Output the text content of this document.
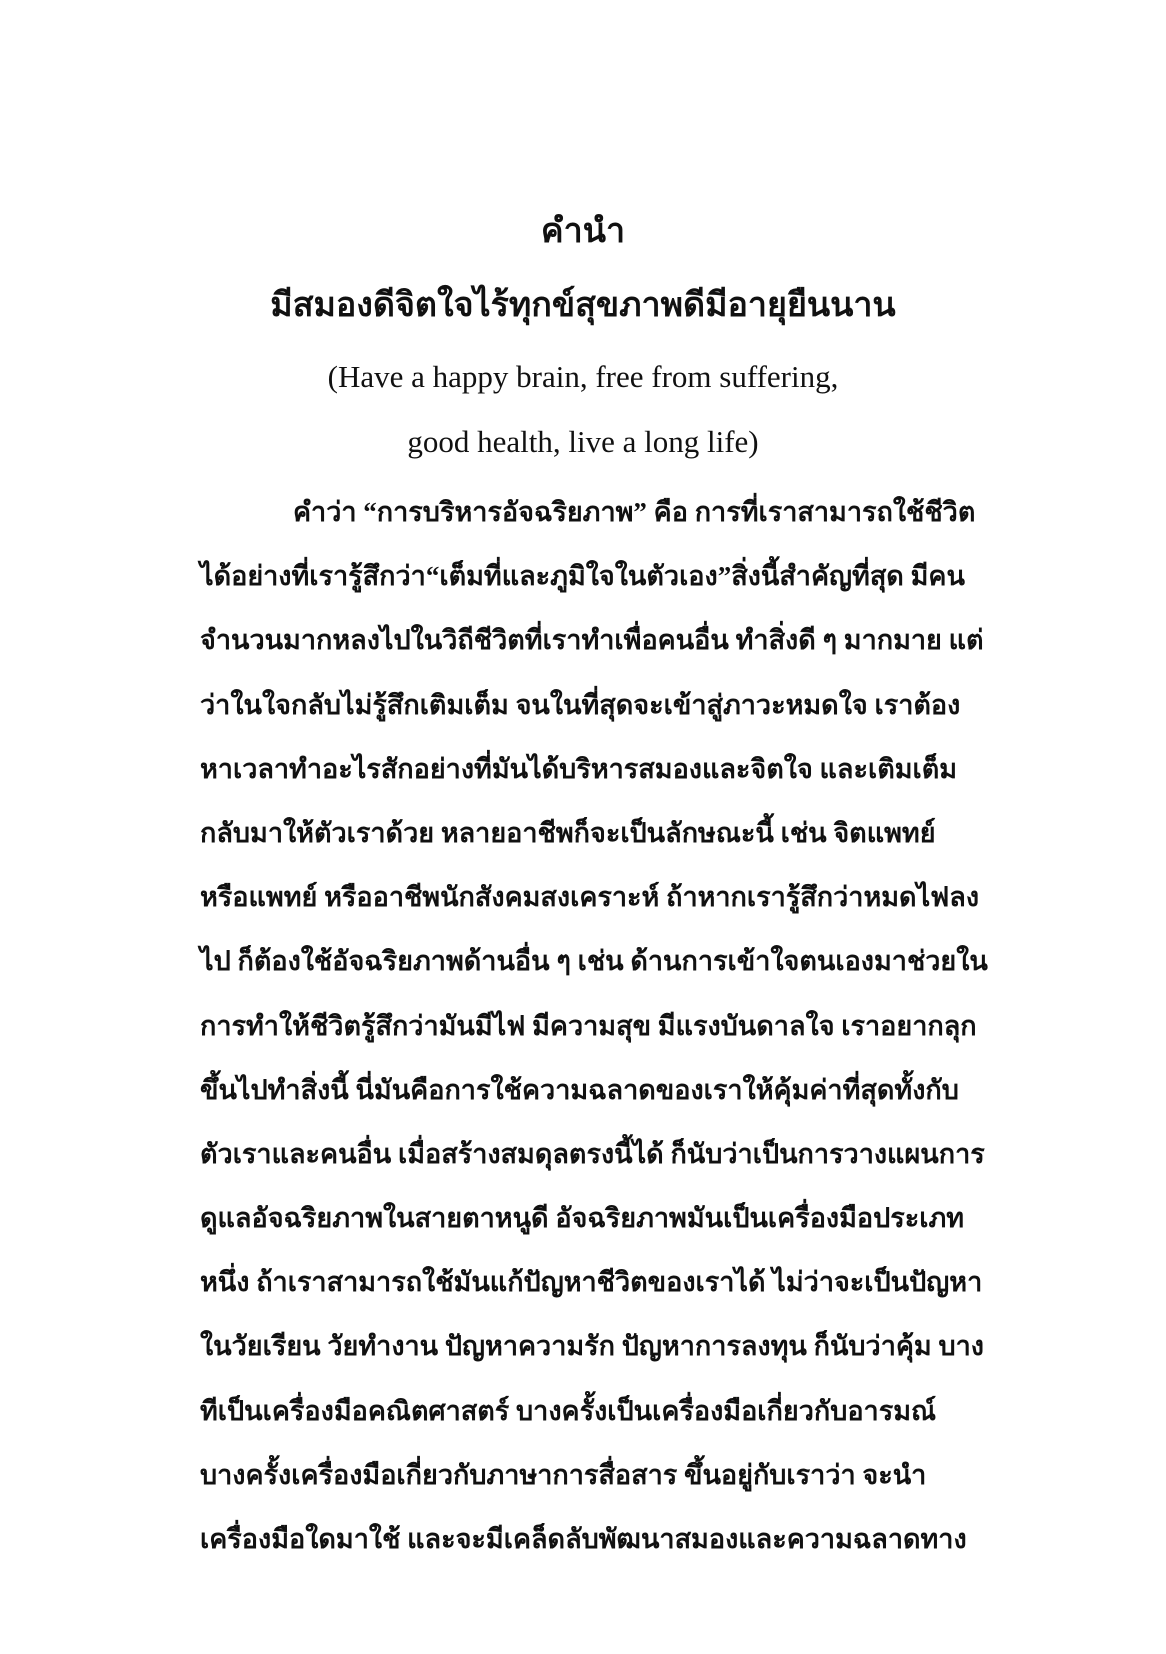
คำนำ
มีสมองดีจิตใจไร้ทุกข์สุขภาพดีมีอายุยืนนาน
(Have a happy brain, free from suffering,
good health, live a long life)
คำว่า “การบริหารอัจฉริยภาพ” คือ การที่เราสามารถใช้ชีวิต
ได้อย่างที่เรารู้สึกว่า“เต็มที่และภูมิใจในตัวเอง”สิ่งนี้สำคัญที่สุด มีคน
จำนวนมากหลงไปในวิถีชีวิตที่เราทำเพื่อคนอื่น ทำสิ่งดี ๆ มากมาย แต่
ว่าในใจกลับไม่รู้สึกเติมเต็ม จนในที่สุดจะเข้าสู่ภาวะหมดใจ เราต้อง
หาเวลาทำอะไรสักอย่างที่มันได้บริหารสมองและจิตใจ และเติมเต็ม
กลับมาให้ตัวเราด้วย หลายอาชีพก็จะเป็นลักษณะนี้ เช่น จิตแพทย์
หรือแพทย์ หรืออาชีพนักสังคมสงเคราะห์ ถ้าหากเรารู้สึกว่าหมดไฟลง
ไป ก็ต้องใช้อัจฉริยภาพด้านอื่น ๆ เช่น ด้านการเข้าใจตนเองมาช่วยใน
การทำให้ชีวิตรู้สึกว่ามันมีไฟ มีความสุข มีแรงบันดาลใจ เราอยากลุก
ขึ้นไปทำสิ่งนี้ นี่มันคือการใช้ความฉลาดของเราให้คุ้มค่าที่สุดทั้งกับ
ตัวเราและคนอื่น เมื่อสร้างสมดุลตรงนี้ได้ ก็นับว่าเป็นการวางแผนการ
ดูแลอัจฉริยภาพในสายตาหนูดี อัจฉริยภาพมันเป็นเครื่องมือประเภท
หนึ่ง ถ้าเราสามารถใช้มันแก้ปัญหาชีวิตของเราได้ ไม่ว่าจะเป็นปัญหา
ในวัยเรียน วัยทำงาน ปัญหาความรัก ปัญหาการลงทุน ก็นับว่าคุ้ม บาง
ทีเป็นเครื่องมือคณิตศาสตร์ บางครั้งเป็นเครื่องมือเกี่ยวกับอารมณ์
บางครั้งเครื่องมือเกี่ยวกับภาษาการสื่อสาร ขึ้นอยู่กับเราว่า จะนำ
เครื่องมือใดมาใช้ และจะมีเคล็ดลับพัฒนาสมองและความฉลาดทาง
